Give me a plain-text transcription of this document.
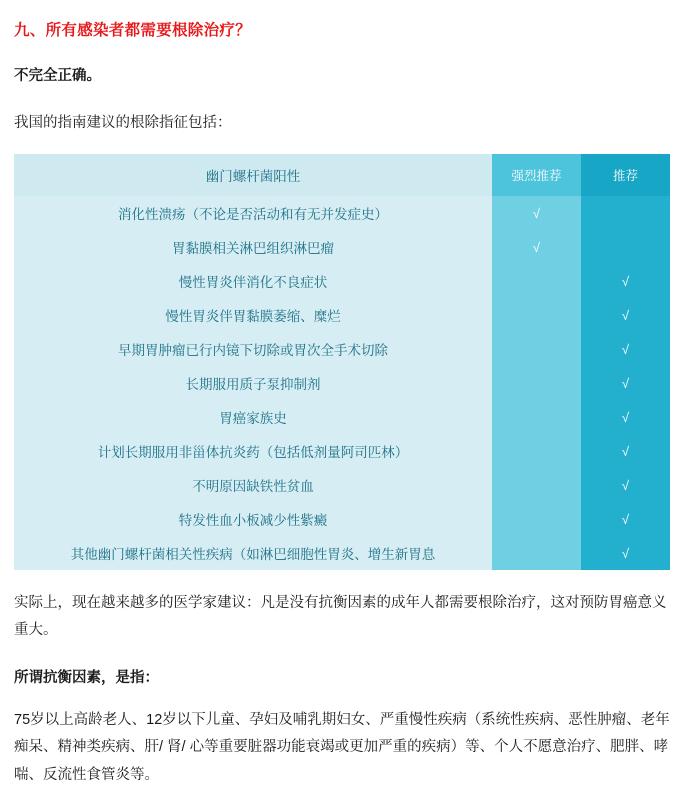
九、所有感染者都需要根除治疗？

不完全正确。

我国的指南建议的根除指征包括：

幽门螺杆菌阳性	强烈推荐	推荐
消化性溃疡（不论是否活动和有无并发症史）	√	
胃黏膜相关淋巴组织淋巴瘤	√	
慢性胃炎伴消化不良症状		√
慢性胃炎伴胃黏膜萎缩、糜烂		√
早期胃肿瘤已行内镜下切除或胃次全手术切除		√
长期服用质子泵抑制剂		√
胃癌家族史		√
计划长期服用非甾体抗炎药（包括低剂量阿司匹林）		√
不明原因缺铁性贫血		√
特发性血小板减少性紫癜		√
其他幽门螺杆菌相关性疾病（如淋巴细胞性胃炎、增生新胃息		√

实际上，现在越来越多的医学家建议：凡是没有抗衡因素的成年人都需要根除治疗，这对预防胃癌意义重大。

所谓抗衡因素，是指：

75岁以上高龄老人、12岁以下儿童、孕妇及哺乳期妇女、严重慢性疾病（系统性疾病、恶性肿瘤、老年痴呆、精神类疾病、肝/ 肾/ 心等重要脏器功能衰竭或更加严重的疾病）等、个人不愿意治疗、肥胖、哮喘、反流性食管炎等。
